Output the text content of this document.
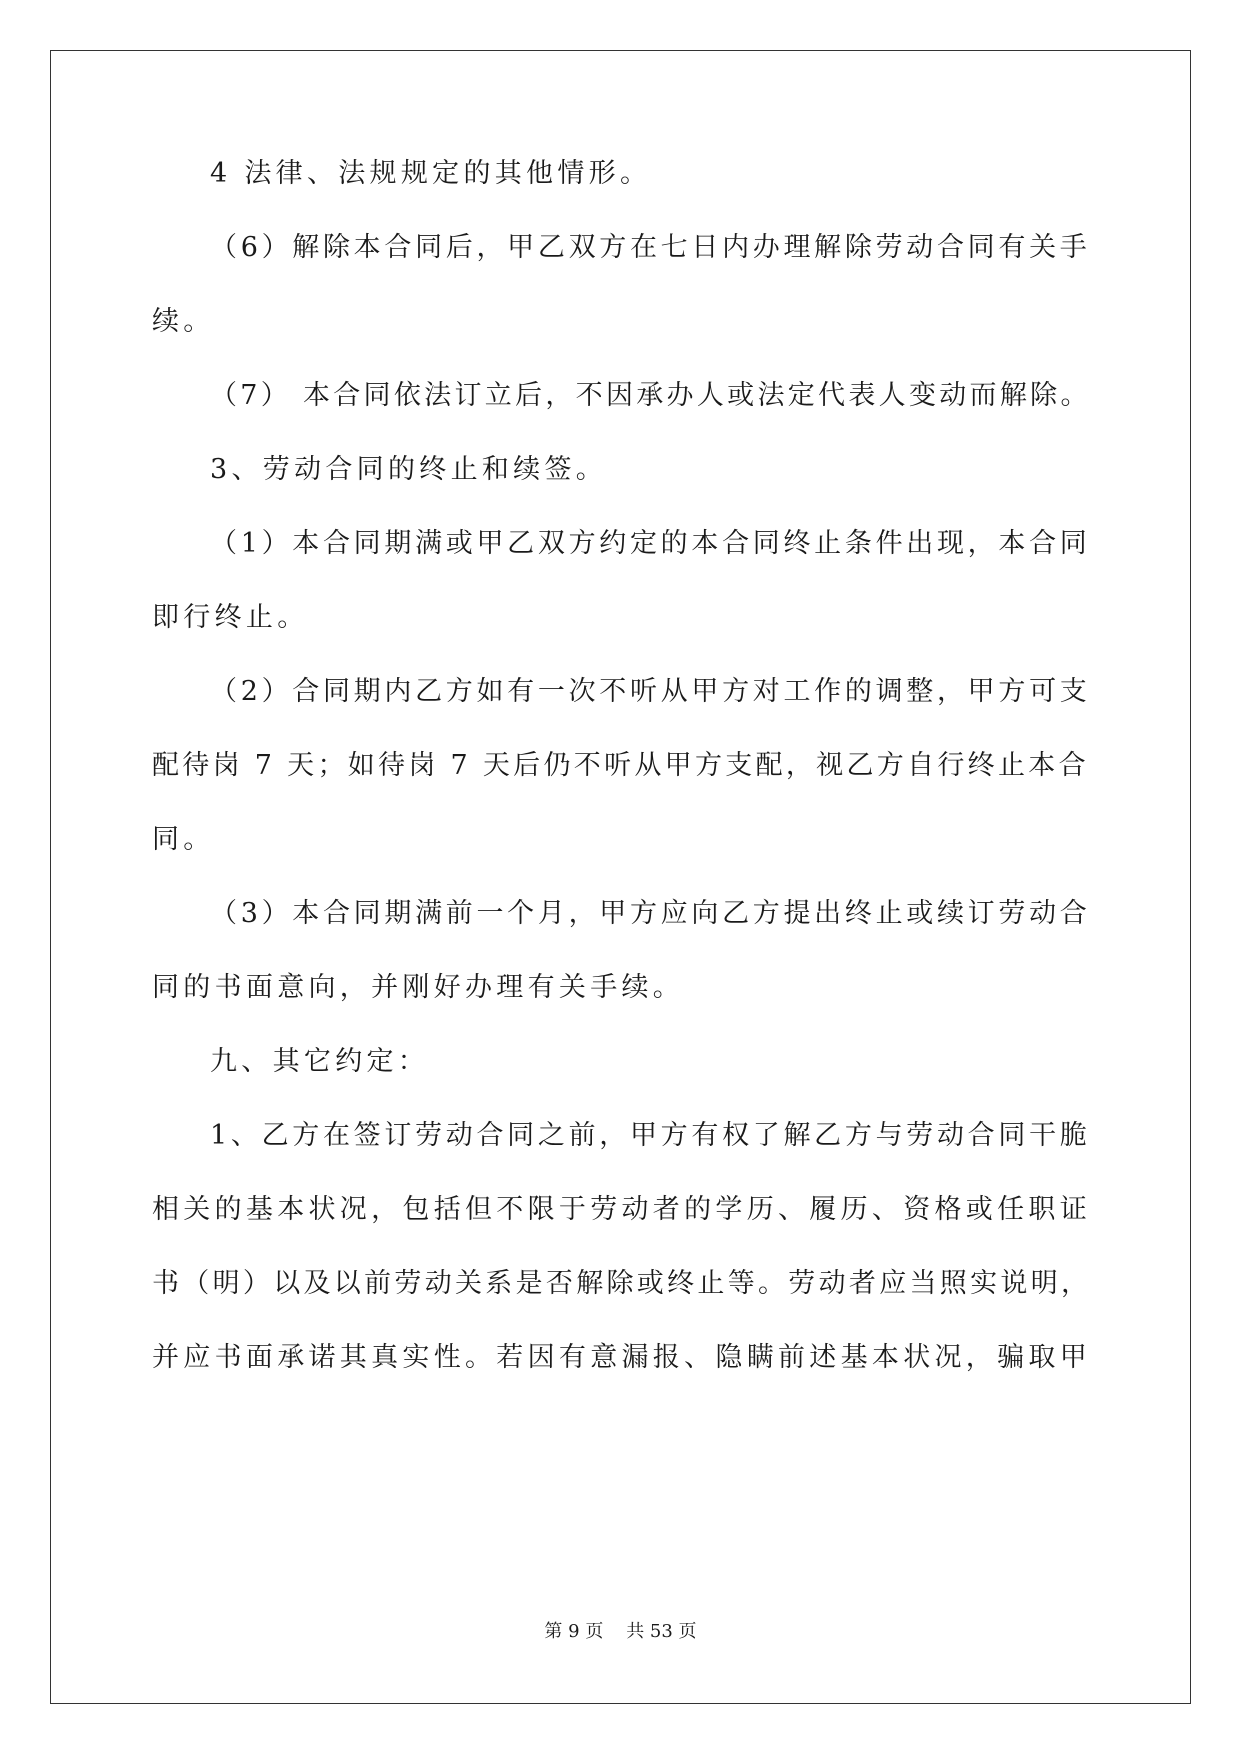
4 法律、法规规定的其他情形。
（6）解除本合同后，甲乙双方在七日内办理解除劳动合同有关手
续。
（7） 本合同依法订立后，不因承办人或法定代表人变动而解除。
3、劳动合同的终止和续签。
（1）本合同期满或甲乙双方约定的本合同终止条件出现，本合同
即行终止。
（2）合同期内乙方如有一次不听从甲方对工作的调整，甲方可支
配待岗 7 天；如待岗 7 天后仍不听从甲方支配，视乙方自行终止本合
同。
（3）本合同期满前一个月，甲方应向乙方提出终止或续订劳动合
同的书面意向，并刚好办理有关手续。
九、其它约定：
1、乙方在签订劳动合同之前，甲方有权了解乙方与劳动合同干脆
相关的基本状况，包括但不限于劳动者的学历、履历、资格或任职证
书（明）以及以前劳动关系是否解除或终止等。劳动者应当照实说明，
并应书面承诺其真实性。若因有意漏报、隐瞒前述基本状况，骗取甲
第 9 页    共 53 页
